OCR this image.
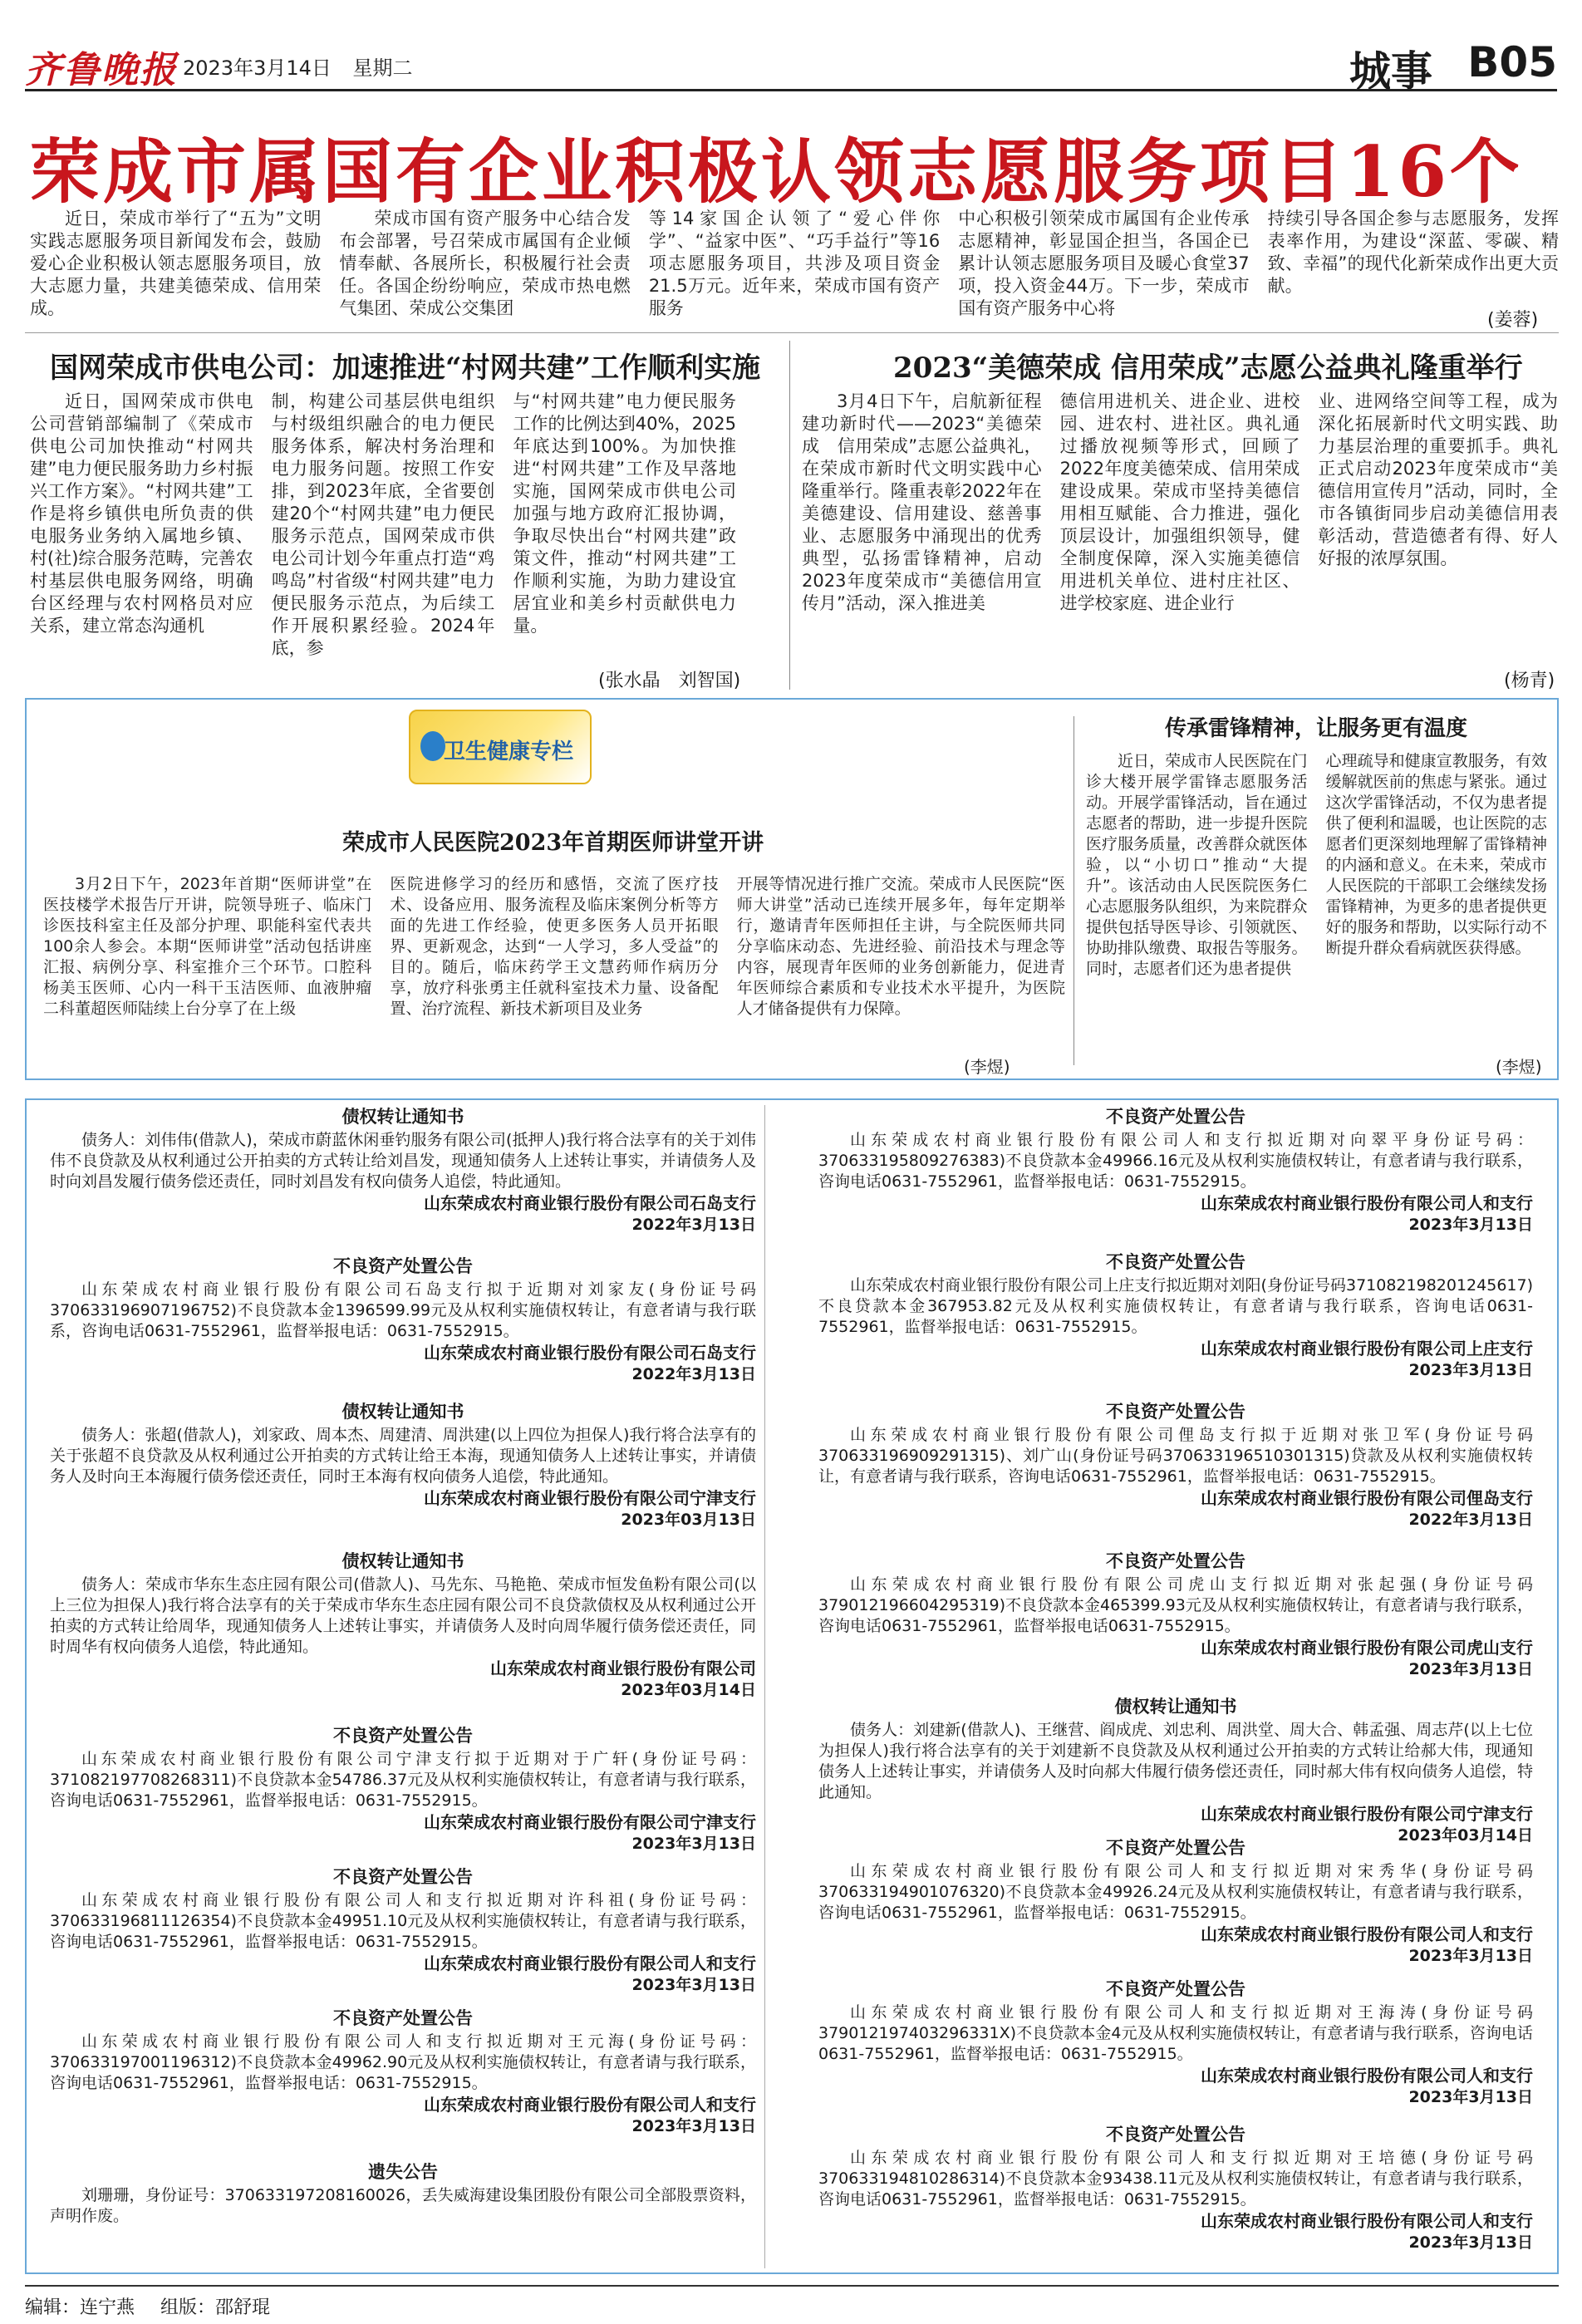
齐鲁晚报 2023年3月14日 星期二	城事 B05
荣成市属国有企业积极认领志愿服务项目16个

近日，荣成市举行了“五为”文明实践志愿服务项目新闻发布会，鼓励爱心企业积极认领志愿服务项目，放大志愿力量，共建美德荣成、信用荣成。

荣成市国有资产服务中心结合发布会部署，号召荣成市属国有企业倾情奉献、各展所长，积极履行社会责任。各国企纷纷响应，荣成市热电燃气集团、荣成公交集团

等14家国企认领了“爱心伴你学”、“益家中医”、“巧手益行”等16项志愿服务项目，共涉及项目资金21.5万元。近年来，荣成市国有资产服务

中心积极引领荣成市属国有企业传承志愿精神，彰显国企担当，各国企已累计认领志愿服务项目及暖心食堂37项，投入资金44万。下一步，荣成市国有资产服务中心将

持续引导各国企参与志愿服务，发挥表率作用，为建设“深蓝、零碳、精致、幸福”的现代化新荣成作出更大贡献。

(姜蓉)
国网荣成市供电公司：加速推进“村网共建”工作顺利实施

近日，国网荣成市供电公司营销部编制了《荣成市供电公司加快推动“村网共建”电力便民服务助力乡村振兴工作方案》。“村网共建”工作是将乡镇供电所负责的供电服务业务纳入属地乡镇、村(社)综合服务范畴，完善农村基层供电服务网络，明确台区经理与农村网格员对应关系，建立常态沟通机

制，构建公司基层供电组织与村级组织融合的电力便民服务体系，解决村务治理和电力服务问题。按照工作安排，到2023年底，全省要创建20个“村网共建”电力便民服务示范点，国网荣成市供电公司计划今年重点打造“鸡鸣岛”村省级“村网共建”电力便民服务示范点，为后续工作开展积累经验。2024年底，参

与“村网共建”电力便民服务工作的比例达到40%，2025年底达到100%。为加快推进“村网共建”工作及早落地实施，国网荣成市供电公司加强与地方政府汇报协调，争取尽快出台“村网共建”政策文件，推动“村网共建”工作顺利实施，为助力建设宜居宜业和美乡村贡献供电力量。

(张水晶　刘智国)
2023“美德荣成 信用荣成”志愿公益典礼隆重举行

3月4日下午，启航新征程　建功新时代——2023“美德荣成　信用荣成”志愿公益典礼，在荣成市新时代文明实践中心隆重举行。隆重表彰2022年在美德建设、信用建设、慈善事业、志愿服务中涌现出的优秀典型，弘扬雷锋精神，启动2023年度荣成市“美德信用宣传月”活动，深入推进美

德信用进机关、进企业、进校园、进农村、进社区。典礼通过播放视频等形式，回顾了2022年度美德荣成、信用荣成建设成果。荣成市坚持美德信用相互赋能、合力推进，强化顶层设计，加强组织领导，健全制度保障，深入实施美德信用进机关单位、进村庄社区、进学校家庭、进企业行

业、进网络空间等工程，成为深化拓展新时代文明实践、助力基层治理的重要抓手。典礼正式启动2023年度荣成市“美德信用宣传月”活动，同时，全市各镇街同步启动美德信用表彰活动，营造德者有得、好人好报的浓厚氛围。

(杨青)
卫生健康专栏
荣成市人民医院2023年首期医师讲堂开讲

3月2日下午，2023年首期“医师讲堂”在医技楼学术报告厅开讲，院领导班子、临床门诊医技科室主任及部分护理、职能科室代表共100余人参会。本期“医师讲堂”活动包括讲座汇报、病例分享、科室推介三个环节。口腔科杨美玉医师、心内一科干玉洁医师、血液肿瘤二科董超医师陆续上台分享了在上级

医院进修学习的经历和感悟，交流了医疗技术、设备应用、服务流程及临床案例分析等方面的先进工作经验，使更多医务人员开拓眼界、更新观念，达到“一人学习，多人受益”的目的。随后，临床药学王文慧药师作病历分享，放疗科张勇主任就科室技术力量、设备配置、治疗流程、新技术新项目及业务

开展等情况进行推广交流。荣成市人民医院“医师大讲堂”活动已连续开展多年，每年定期举行，邀请青年医师担任主讲，与全院医师共同分享临床动态、先进经验、前沿技术与理念等内容，展现青年医师的业务创新能力，促进青年医师综合素质和专业技术水平提升，为医院人才储备提供有力保障。

(李煜)
传承雷锋精神，让服务更有温度

近日，荣成市人民医院在门诊大楼开展学雷锋志愿服务活动。开展学雷锋活动，旨在通过志愿者的帮助，进一步提升医院医疗服务质量，改善群众就医体验，以“小切口”推动“大提升”。该活动由人民医院医务仁心志愿服务队组织，为来院群众提供包括导医导诊、引领就医、协助排队缴费、取报告等服务。同时，志愿者们还为患者提供

心理疏导和健康宣教服务，有效缓解就医前的焦虑与紧张。通过这次学雷锋活动，不仅为患者提供了便利和温暖，也让医院的志愿者们更深刻地理解了雷锋精神的内涵和意义。在未来，荣成市人民医院的干部职工会继续发扬雷锋精神，为更多的患者提供更好的服务和帮助，以实际行动不断提升群众看病就医获得感。

(李煜)
债权转让通知书
债务人：刘伟伟(借款人)，荣成市蔚蓝休闲垂钓服务有限公司(抵押人)我行将合法享有的关于刘伟伟不良贷款及从权利通过公开拍卖的方式转让给刘昌发，现通知债务人上述转让事实，并请债务人及时向刘昌发履行债务偿还责任，同时刘昌发有权向债务人追偿，特此通知。
山东荣成农村商业银行股份有限公司石岛支行
2022年3月13日
不良资产处置公告
山东荣成农村商业银行股份有限公司石岛支行拟于近期对刘家友(身份证号码370633196907196752)不良贷款本金1396599.99元及从权利实施债权转让，有意者请与我行联系，咨询电话0631-7552961，监督举报电话：0631-7552915。
山东荣成农村商业银行股份有限公司石岛支行
2022年3月13日
债权转让通知书
债务人：张超(借款人)，刘家政、周本杰、周建清、周洪建(以上四位为担保人)我行将合法享有的关于张超不良贷款及从权利通过公开拍卖的方式转让给王本海，现通知债务人上述转让事实，并请债务人及时向王本海履行债务偿还责任，同时王本海有权向债务人追偿，特此通知。
山东荣成农村商业银行股份有限公司宁津支行
2023年03月13日
债权转让通知书
债务人：荣成市华东生态庄园有限公司(借款人)、马先东、马艳艳、荣成市恒发鱼粉有限公司(以上三位为担保人)我行将合法享有的关于荣成市华东生态庄园有限公司不良贷款债权及从权利通过公开拍卖的方式转让给周华，现通知债务人上述转让事实，并请债务人及时向周华履行债务偿还责任，同时周华有权向债务人追偿，特此通知。
山东荣成农村商业银行股份有限公司
2023年03月14日
不良资产处置公告
山东荣成农村商业银行股份有限公司宁津支行拟于近期对于广轩(身份证号码：371082197708268311)不良贷款本金54786.37元及从权利实施债权转让，有意者请与我行联系，咨询电话0631-7552961，监督举报电话：0631-7552915。
山东荣成农村商业银行股份有限公司宁津支行
2023年3月13日
不良资产处置公告
山东荣成农村商业银行股份有限公司人和支行拟近期对许科祖(身份证号码：370633196811126354)不良贷款本金49951.10元及从权利实施债权转让，有意者请与我行联系，咨询电话0631-7552961，监督举报电话：0631-7552915。
山东荣成农村商业银行股份有限公司人和支行
2023年3月13日
不良资产处置公告
山东荣成农村商业银行股份有限公司人和支行拟近期对王元海(身份证号码：370633197001196312)不良贷款本金49962.90元及从权利实施债权转让，有意者请与我行联系，咨询电话0631-7552961，监督举报电话：0631-7552915。
山东荣成农村商业银行股份有限公司人和支行
2023年3月13日
遗失公告
刘珊珊，身份证号：370633197208160026，丢失威海建设集团股份有限公司全部股票资料，声明作废。
不良资产处置公告
山东荣成农村商业银行股份有限公司人和支行拟近期对向翠平身份证号码：370633195809276383)不良贷款本金49966.16元及从权利实施债权转让，有意者请与我行联系，咨询电话0631-7552961，监督举报电话：0631-7552915。
山东荣成农村商业银行股份有限公司人和支行
2023年3月13日
不良资产处置公告
山东荣成农村商业银行股份有限公司上庄支行拟近期对刘阳(身份证号码371082198201245617)不良贷款本金367953.82元及从权利实施债权转让，有意者请与我行联系，咨询电话0631-7552961，监督举报电话：0631-7552915。
山东荣成农村商业银行股份有限公司上庄支行
2023年3月13日
不良资产处置公告
山东荣成农村商业银行股份有限公司俚岛支行拟于近期对张卫军(身份证号码370633196909291315)、刘广山(身份证号码370633196510301315)贷款及从权利实施债权转让，有意者请与我行联系，咨询电话0631-7552961，监督举报电话：0631-7552915。
山东荣成农村商业银行股份有限公司俚岛支行
2022年3月13日
不良资产处置公告
山东荣成农村商业银行股份有限公司虎山支行拟近期对张起强(身份证号码379012196604295319)不良贷款本金465399.93元及从权利实施债权转让，有意者请与我行联系，咨询电话0631-7552961，监督举报电话0631-7552915。
山东荣成农村商业银行股份有限公司虎山支行
2023年3月13日
债权转让通知书
债务人：刘建新(借款人)、王继营、阎成虎、刘忠利、周洪堂、周大合、韩孟强、周志芹(以上七位为担保人)我行将合法享有的关于刘建新不良贷款及从权利通过公开拍卖的方式转让给郝大伟，现通知债务人上述转让事实，并请债务人及时向郝大伟履行债务偿还责任，同时郝大伟有权向债务人追偿，特此通知。
山东荣成农村商业银行股份有限公司宁津支行
2023年03月14日
不良资产处置公告
山东荣成农村商业银行股份有限公司人和支行拟近期对宋秀华(身份证号码370633194901076320)不良贷款本金49926.24元及从权利实施债权转让，有意者请与我行联系，咨询电话0631-7552961，监督举报电话：0631-7552915。
山东荣成农村商业银行股份有限公司人和支行
2023年3月13日
不良资产处置公告
山东荣成农村商业银行股份有限公司人和支行拟近期对王海涛(身份证号码379012197403296331X)不良贷款本金4元及从权利实施债权转让，有意者请与我行联系，咨询电话0631-7552961，监督举报电话：0631-7552915。
山东荣成农村商业银行股份有限公司人和支行
2023年3月13日
不良资产处置公告
山东荣成农村商业银行股份有限公司人和支行拟近期对王培德(身份证号码370633194810286314)不良贷款本金93438.11元及从权利实施债权转让，有意者请与我行联系，咨询电话0631-7552961，监督举报电话：0631-7552915。
山东荣成农村商业银行股份有限公司人和支行
2023年3月13日
编辑：连宁燕 组版：邵舒琨
